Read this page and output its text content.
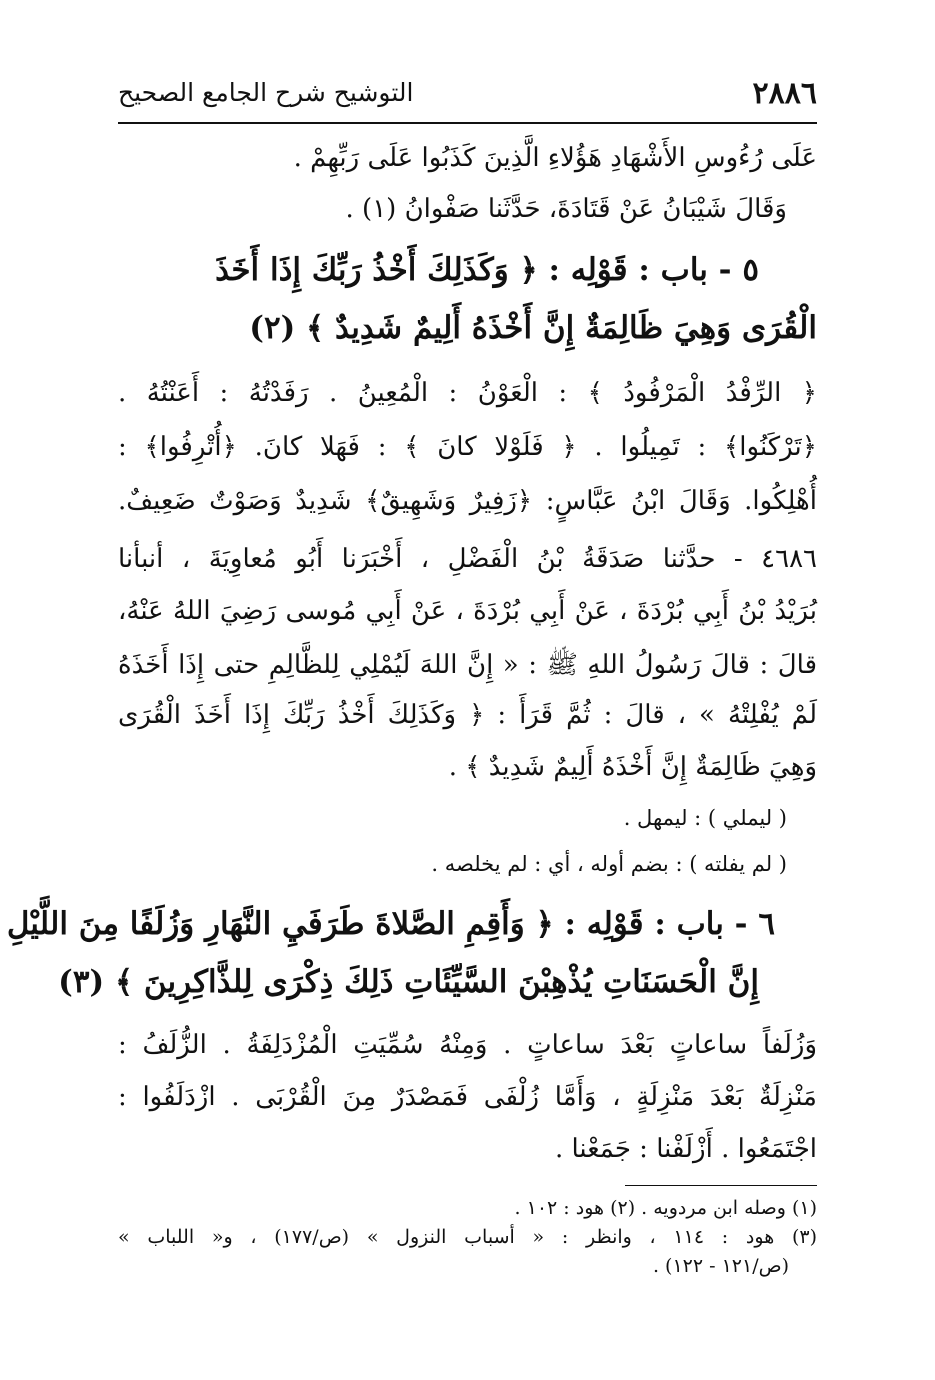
٢٨٨٦
التوشيح شرح الجامع الصحيح
عَلَى رُءُوسِ الأَشْهَادِ هَؤُلاءِ الَّذِينَ كَذَبُوا عَلَى رَبِّهِمْ .
وَقَالَ شَيْبَانُ عَنْ قَتَادَةَ، حَدَّثَنا صَفْوانُ (١) .
٥ - باب : قَوْلِه : ﴿ وَكَذَلِكَ أَخْذُ رَبِّكَ إِذَا أَخَذَ
الْقُرَى وَهِيَ ظَالِمَةٌ إِنَّ أَخْذَهُ أَلِيمٌ شَدِيدٌ ﴾ (٢)
﴿ الرِّفْدُ الْمَرْفُودُ ﴾ : الْعَوْنُ : الْمُعِينُ . رَفَدْتُهُ : أَعَنْتُهُ .
﴿تَرْكَنُوا﴾ : تَمِيلُوا . ﴿ فَلَوْلا كانَ ﴾ : فَهَلا كانَ. ﴿أُتْرِفُوا﴾ :
أُهْلِكُوا. وَقَالَ ابْنُ عَبَّاسٍ: ﴿زَفِيرٌ وَشَهِيقٌ﴾ شَدِيدٌ وَصَوْتٌ ضَعِيفٌ.
٤٦٨٦ - حدَّثنا صَدَقَةُ بْنُ الْفَضْلِ ، أَخْبَرَنا أَبُو مُعاوِيَةَ ، أنبأنا
بُرَيْدُ بْنُ أَبِي بُرْدَةَ ، عَنْ أَبِي بُرْدَةَ ، عَنْ أَبِي مُوسى رَضِيَ اللهُ عَنْهُ،
قالَ : قالَ رَسُولُ اللهِ ﷺ : « إِنَّ اللهَ لَيُمْلِي لِلظَّالِمِ حتى إِذَا أَخَذَهُ
لَمْ يُفْلِتْهُ » ، قالَ : ثُمَّ قَرَأَ : ﴿ وَكَذَلِكَ أَخْذُ رَبِّكَ إِذَا أَخَذَ الْقُرَى
وَهِيَ ظَالِمَةٌ إِنَّ أَخْذَهُ أَلِيمٌ شَدِيدٌ ﴾ .
( ليملي ) : ليمهل .
( لم يفلته ) : بضم أوله ، أي : لم يخلصه .
٦ - باب : قَوْلِه : ﴿ وَأَقِمِ الصَّلاةَ طَرَفَيِ النَّهَارِ وَزُلَفًا مِنَ اللَّيْلِ
إِنَّ الْحَسَنَاتِ يُذْهِبْنَ السَّيِّئَاتِ ذَلِكَ ذِكْرَى لِلذَّاكِرِينَ ﴾ (٣)
وَزُلَفاً ساعاتٍ بَعْدَ ساعاتٍ . وَمِنْهُ سُمِّيَتِ الْمُزْدَلِفَةُ . الزُّلَفُ :
مَنْزِلَةٌ بَعْدَ مَنْزِلَةٍ ، وَأَمَّا زُلْفَى فَمَصْدَرٌ مِنَ الْقُرْبَى . ازْدَلَفُوا :
اجْتَمَعُوا . أَزْلَفْنا : جَمَعْنا .
(١) وصله ابن مردويه . (٢) هود : ١٠٢ .
(٣) هود : ١١٤ ، وانظر : « أسباب النزول » (ص/١٧٧) ، و« اللباب »
(ص/١٢١ - ١٢٢) .
